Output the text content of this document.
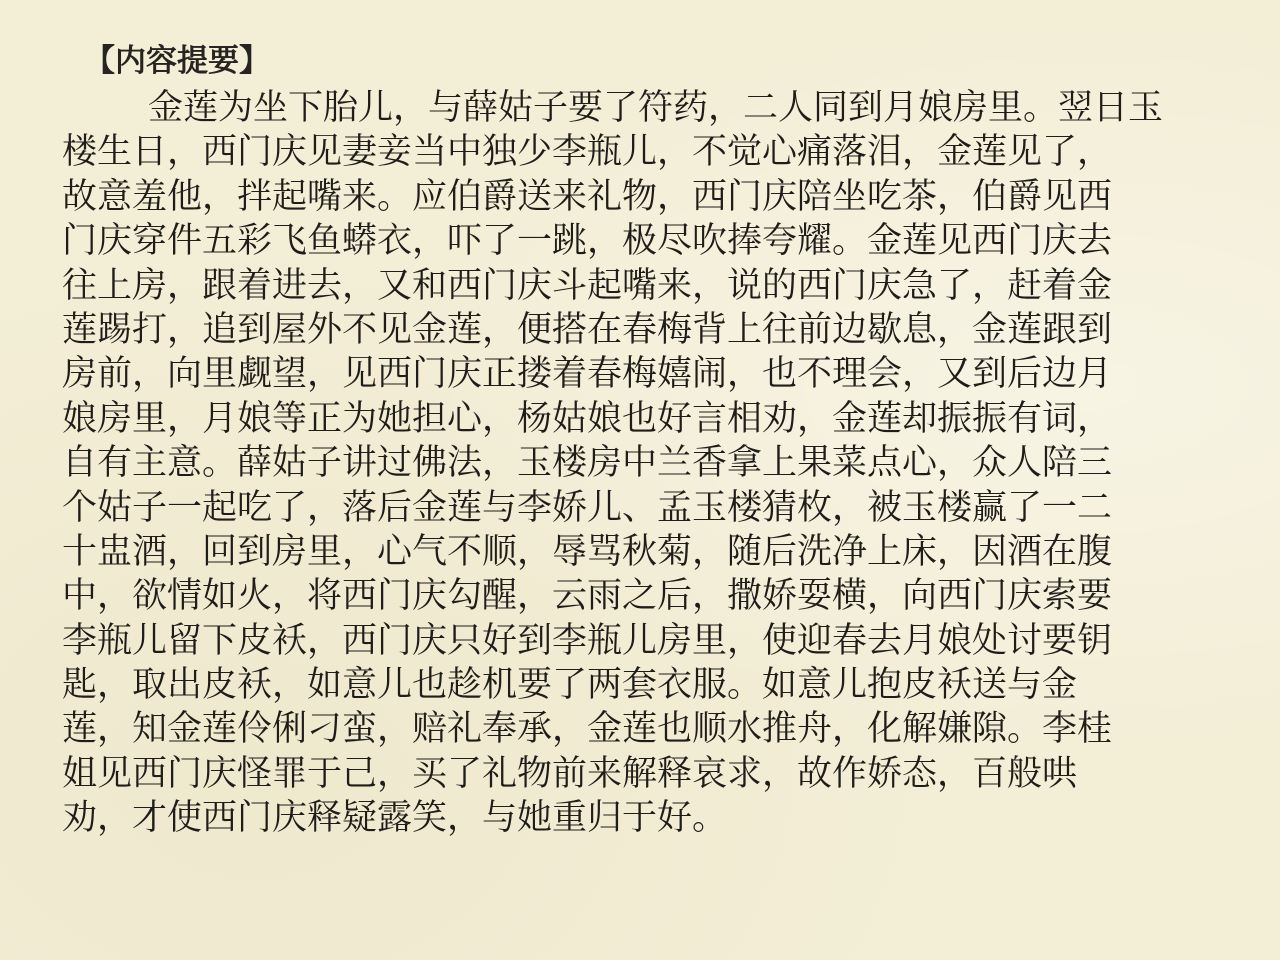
【内容提要】
金莲为坐下胎儿，与薛姑子要了符药，二人同到月娘房里。翌日玉
楼生日，西门庆见妻妾当中独少李瓶儿，不觉心痛落泪，金莲见了，
故意羞他，拌起嘴来。应伯爵送来礼物，西门庆陪坐吃茶，伯爵见西
门庆穿件五彩飞鱼蟒衣，吓了一跳，极尽吹捧夸耀。金莲见西门庆去
往上房，跟着进去，又和西门庆斗起嘴来，说的西门庆急了，赶着金
莲踢打，追到屋外不见金莲，便搭在春梅背上往前边歇息，金莲跟到
房前，向里觑望，见西门庆正搂着春梅嬉闹，也不理会，又到后边月
娘房里，月娘等正为她担心，杨姑娘也好言相劝，金莲却振振有词，
自有主意。薛姑子讲过佛法，玉楼房中兰香拿上果菜点心，众人陪三
个姑子一起吃了，落后金莲与李娇儿、孟玉楼猜枚，被玉楼赢了一二
十盅酒，回到房里，心气不顺，辱骂秋菊，随后洗净上床，因酒在腹
中，欲情如火，将西门庆勾醒，云雨之后，撒娇耍横，向西门庆索要
李瓶儿留下皮袄，西门庆只好到李瓶儿房里，使迎春去月娘处讨要钥
匙，取出皮袄，如意儿也趁机要了两套衣服。如意儿抱皮袄送与金
莲，知金莲伶俐刁蛮，赔礼奉承，金莲也顺水推舟，化解嫌隙。李桂
姐见西门庆怪罪于己，买了礼物前来解释哀求，故作娇态，百般哄
劝，才使西门庆释疑露笑，与她重归于好。
